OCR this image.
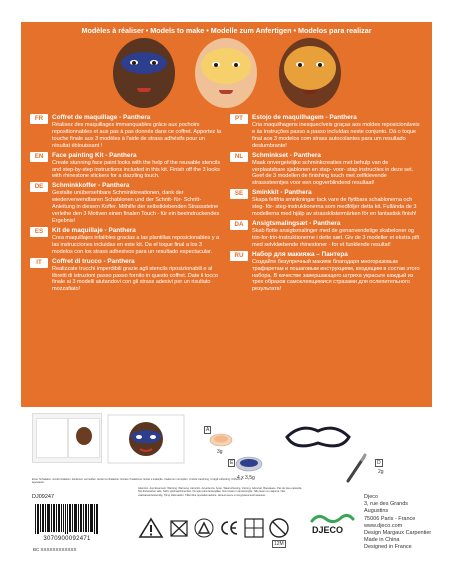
Modèles à réaliser • Models to make • Modelle zum Anfertigen • Modelos para realizar
FR	Coffret de maquillage - Panthera
Réalisez des maquillages immanquables grâce aux pochoirs repositionnables et aux pas à pas donnés dans ce coffret. Apportez la touche finale aux 3 modèles à l'aide de strass adhésifs pour un résultat éblouissant !
EN	Face painting Kit - Panthera
Create stunning face paint looks with the help of the reusable stencils and step-by-step instructions included in this kit. Finish off the 3 looks with rhinestone stickers for a dazzling touch.
DE	Schminkkoffer - Panthera
Gestalte unübersehbare Schminkkreationen, dank der wiederverwendbaren Schablonen und der Schritt- für- Schritt-Anleitung in diesem Koffer. Mithilfe der selbstklebenden Strasssteine verleihe den 3 Motiven einen finalen Touch - für ein beeindruckendes Ergebnis!
ES	Kit de maquillaje - Panthera
Crea maquillajes infalibles gracias a las plantillas reposicionables y a las instrucciones incluidas en este kit. Da el toque final a los 3 modelos con los strass adhesivos para un resultado espectacular.
IT	Coffret di trucco - Panthera
Realizzate trucchi imperdibili grazie agli stencils riposizionabili e al libretti di istruzioni passo passo fornito in questo coffret. Date il tocco finale ai 3 modelli aiutandovi con gli strass adesivi per un risultato mozzafiato!
PT	Estojo de maquilhagem - Panthera
Cria maquilhagens inesquecíveis graças aos moldes reposicionáveis e às instruções passo a passo incluídas neste conjunto. Dá o toque final aos 3 modelos com strass autocolantes para um resultado deslumbrante!
NL	Schminkset - Panthera
Maak onvergetelijke schminkcreaties met behulp van de verplaatsbare sjablonen en stap- voor- stap instructies in deze set. Geef de 3 modellen de finishing touch met zelfklevende strasssteentjes voor een oogverblindend resultaat!
SE	Sminkkit - Panthera
Skapa feltfria sminkningar tack vare de flyttbara schablonerna och steg- för- steg-instruktionerna som medföljer detta kit. Fullända de 3 modellerna med hjälp av strassklistermärken för en fantastisk finish!
DA	Ansigtsmalingsæt - Panthera
Skab flotte ansigtsmalinger med de genanvendelige skabeloner og trin-for-trin-instruktionerne i dette sæt. Giv de 3 modeller et ekstra pift med selvklæbende rhinestoner - for et funklende resultat!
RU	Набор для макияжа – Пантера
Создайте безупречный макияж благодаря многоразовым трафаретам и пошаговым инструкциям, входящим в состав этого набора. В качестве завершающего штриха украсьте каждый из трех образов самоклеящимися стразами для ослепительного результата!
A
3g
E
4 x 3,5g
D
2g
Enter l'inhalation. Avoid inhalation. Einatmen vermeiden. Evitar la inhalación. Evitare l'inalazione. Evitar a inalação. Inademen vermijden. Undvik inandning. Undgå indånding. Избегать вдыхания.
Attention. Avertissement. Warning. Warnung. Atención. Avvertenza. Aviso. Waarschuwing. Varning. Advarsel. Внимание. Pas de lave-vaisselle. Not dishwasher safe. Nicht spülmaschinenfest. No apto para lavavajillas. Non lavare in lavastoviglie. Não lavar na máquina. Niet vaatwasserbestendig. Tål ej diskmaskin. Tåler ikke opvaskemaskine. Нельзя мыть в посудомоечной машине.
DJ09247
3070900092471
BC XXXXXXXXXXXX
12M
DJECO
Djeco
3, rue des Grands Augustins
75006 Paris - France
www.djeco.com
Design Margaux Carpentier
Made in China
Designed in France
